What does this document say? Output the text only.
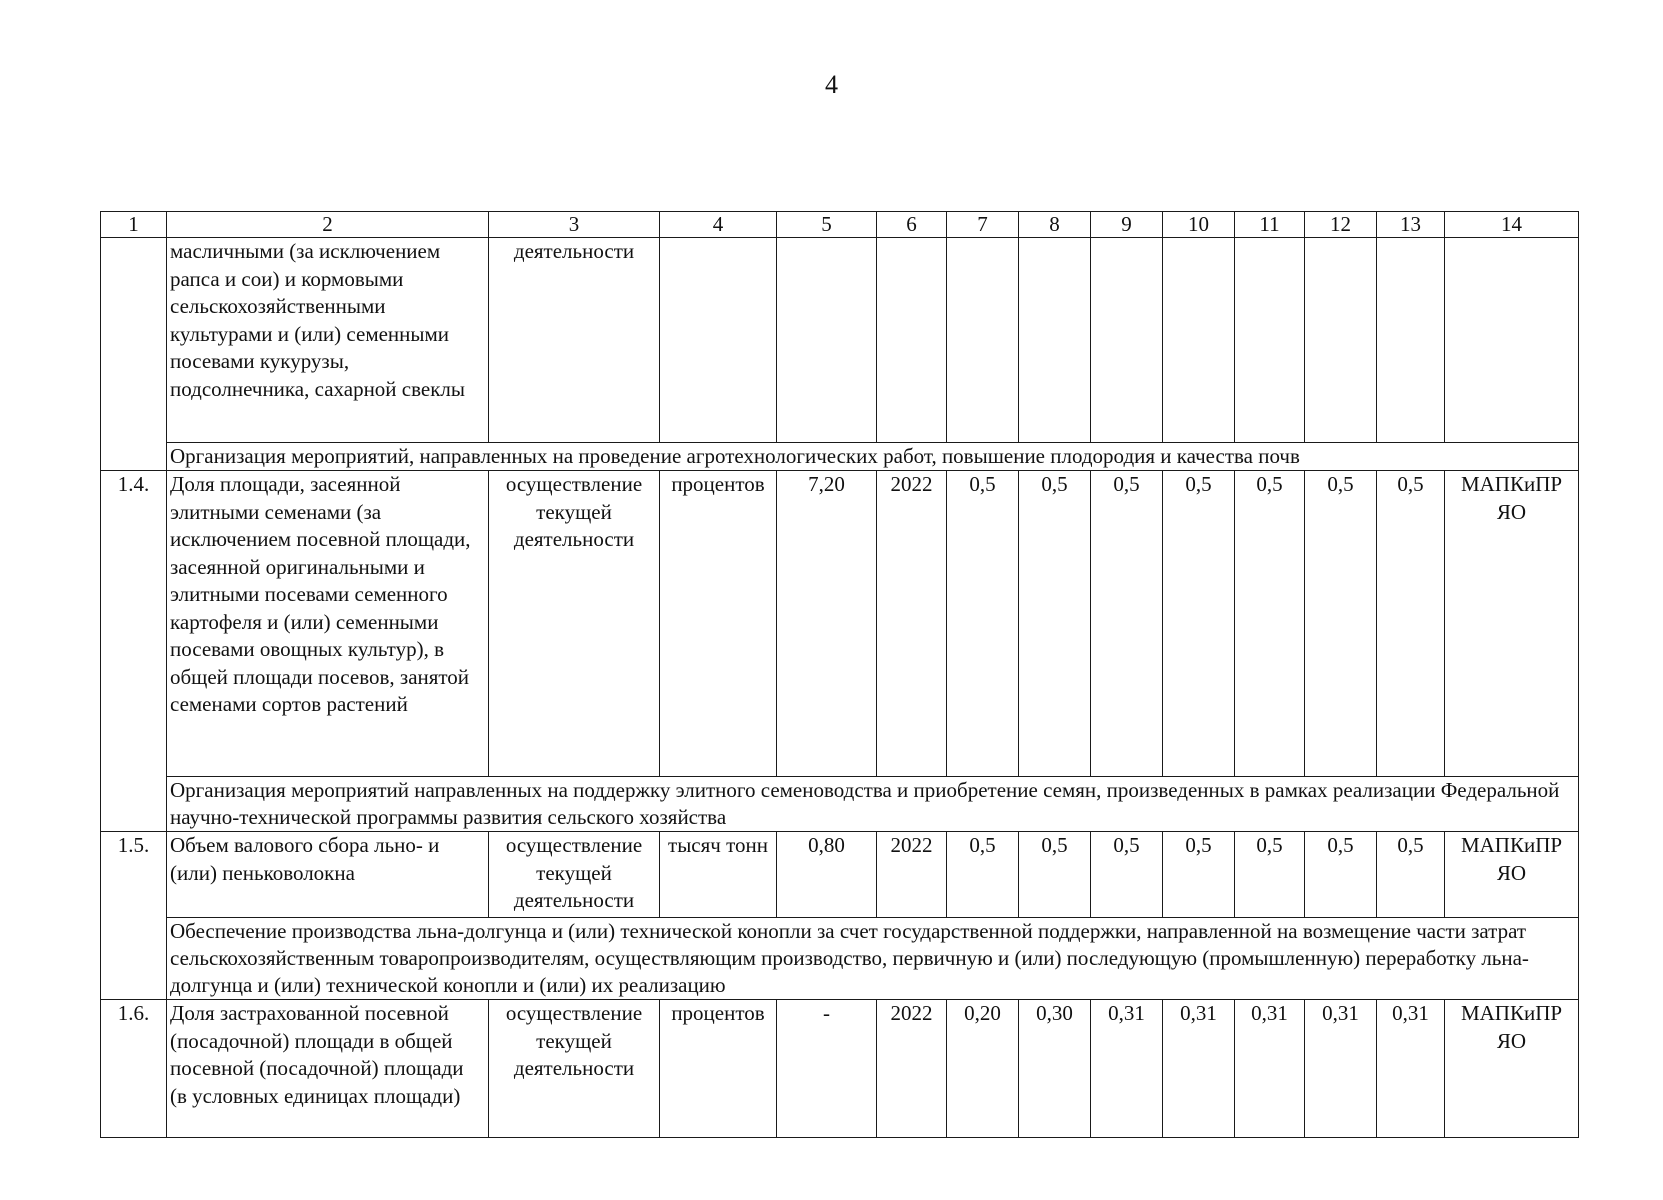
4
1	2	3	4	5	6	7	8	9	10	11	12	13	14
	масличными (за исключением рапса и сои) и кормовыми сельскохозяйственными культурами и (или) семенными посевами кукурузы, подсолнечника, сахарной свеклы	деятельности											
	Организация мероприятий, направленных на проведение агротехнологических работ, повышение плодородия и качества почв												
1.4.	Доля площади, засеянной элитными семенами (за исключением посевной площади, засеянной оригинальными и элитными посевами семенного картофеля и (или) семенными посевами овощных культур), в общей площади посевов, занятой семенами сортов растений	осуществление текущей деятельности	процентов	7,20	2022	0,5	0,5	0,5	0,5	0,5	0,5	0,5	МАПКиПР ЯО
	Организация мероприятий направленных на поддержку элитного семеноводства и приобретение семян, произведенных в рамках реализации Федеральной научно-технической программы развития сельского хозяйства												
1.5.	Объем валового сбора льно- и (или) пеньковолокна	осуществление текущей деятельности	тысяч тонн	0,80	2022	0,5	0,5	0,5	0,5	0,5	0,5	0,5	МАПКиПР ЯО
	Обеспечение производства льна-долгунца и (или) технической конопли за счет государственной поддержки, направленной на возмещение части затрат сельскохозяйственным товаропроизводителям, осуществляющим производство, первичную и (или) последующую (промышленную) переработку льна-долгунца и (или) технической конопли и (или) их реализацию												
1.6.	Доля застрахованной посевной (посадочной) площади в общей посевной (посадочной) площади (в условных единицах площади)	осуществление текущей деятельности	процентов	-	2022	0,20	0,30	0,31	0,31	0,31	0,31	0,31	МАПКиПР ЯО
